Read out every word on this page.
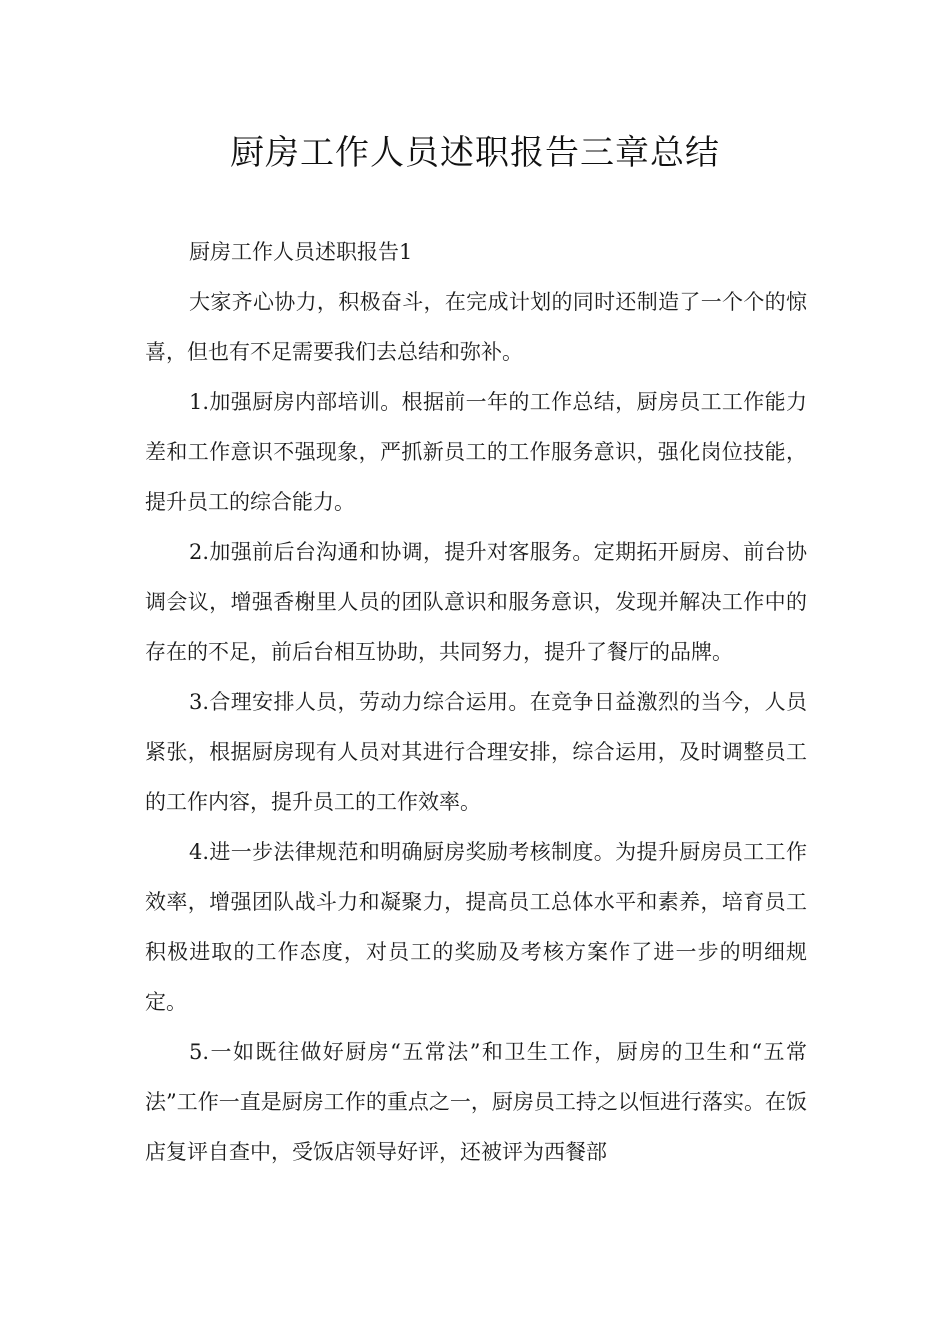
厨房工作人员述职报告三章总结

厨房工作人员述职报告1

大家齐心协力，积极奋斗，在完成计划的同时还制造了一个个的惊喜，但也有不足需要我们去总结和弥补。

1.加强厨房内部培训。根据前一年的工作总结，厨房员工工作能力差和工作意识不强现象，严抓新员工的工作服务意识，强化岗位技能，提升员工的综合能力。

2.加强前后台沟通和协调，提升对客服务。定期拓开厨房、前台协调会议，增强香榭里人员的团队意识和服务意识，发现并解决工作中的存在的不足，前后台相互协助，共同努力，提升了餐厅的品牌。

3.合理安排人员，劳动力综合运用。在竞争日益激烈的当今，人员紧张，根据厨房现有人员对其进行合理安排，综合运用，及时调整员工的工作内容，提升员工的工作效率。

4.进一步法律规范和明确厨房奖励考核制度。为提升厨房员工工作效率，增强团队战斗力和凝聚力，提高员工总体水平和素养，培育员工积极进取的工作态度，对员工的奖励及考核方案作了进一步的明细规定。

5.一如既往做好厨房“五常法”和卫生工作，厨房的卫生和“五常法”工作一直是厨房工作的重点之一，厨房员工持之以恒进行落实。在饭店复评自查中，受饭店领导好评，还被评为西餐部
